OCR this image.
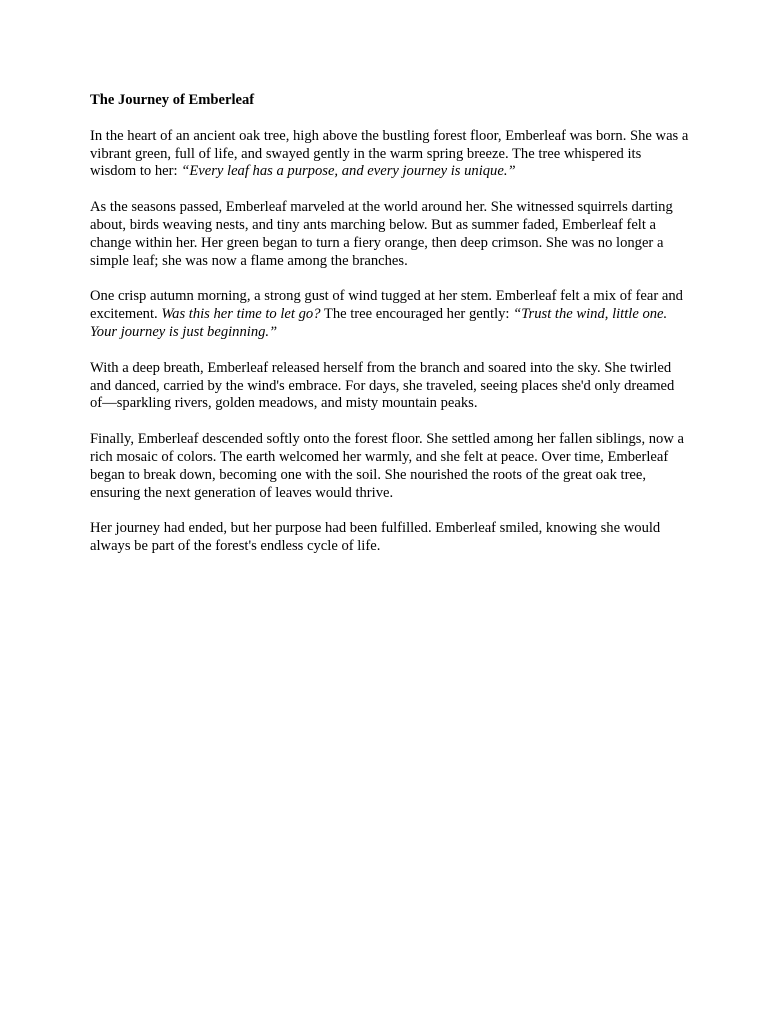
The Journey of Emberleaf

In the heart of an ancient oak tree, high above the bustling forest floor, Emberleaf was born. She was a vibrant green, full of life, and swayed gently in the warm spring breeze. The tree whispered its wisdom to her: “Every leaf has a purpose, and every journey is unique.”

As the seasons passed, Emberleaf marveled at the world around her. She witnessed squirrels darting about, birds weaving nests, and tiny ants marching below. But as summer faded, Emberleaf felt a change within her. Her green began to turn a fiery orange, then deep crimson. She was no longer a simple leaf; she was now a flame among the branches.

One crisp autumn morning, a strong gust of wind tugged at her stem. Emberleaf felt a mix of fear and excitement. Was this her time to let go? The tree encouraged her gently: “Trust the wind, little one. Your journey is just beginning.”

With a deep breath, Emberleaf released herself from the branch and soared into the sky. She twirled and danced, carried by the wind's embrace. For days, she traveled, seeing places she'd only dreamed of—sparkling rivers, golden meadows, and misty mountain peaks.

Finally, Emberleaf descended softly onto the forest floor. She settled among her fallen siblings, now a rich mosaic of colors. The earth welcomed her warmly, and she felt at peace. Over time, Emberleaf began to break down, becoming one with the soil. She nourished the roots of the great oak tree, ensuring the next generation of leaves would thrive.

Her journey had ended, but her purpose had been fulfilled. Emberleaf smiled, knowing she would always be part of the forest's endless cycle of life.
